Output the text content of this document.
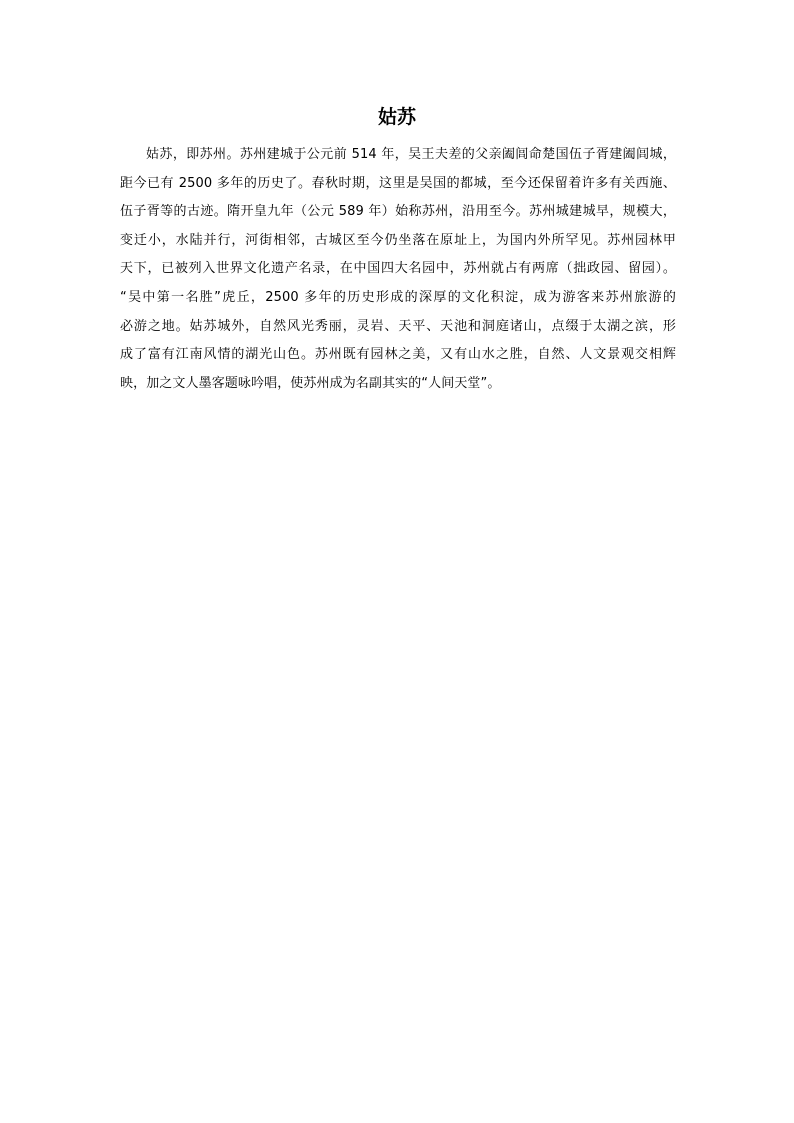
姑苏
姑苏，即苏州。苏州建城于公元前 514 年，吴王夫差的父亲阖闾命楚国伍子胥建阖闾城，
距今已有 2500 多年的历史了。春秋时期，这里是吴国的都城，至今还保留着许多有关西施、
伍子胥等的古迹。隋开皇九年（公元 589 年）始称苏州，沿用至今。苏州城建城早，规模大，
变迁小，水陆并行，河街相邻，古城区至今仍坐落在原址上，为国内外所罕见。苏州园林甲
天下，已被列入世界文化遗产名录，在中国四大名园中，苏州就占有两席（拙政园、留园）。
“吴中第一名胜”虎丘，2500 多年的历史形成的深厚的文化积淀，成为游客来苏州旅游的
必游之地。姑苏城外，自然风光秀丽，灵岩、天平、天池和洞庭诸山，点缀于太湖之滨，形
成了富有江南风情的湖光山色。苏州既有园林之美，又有山水之胜，自然、人文景观交相辉
映，加之文人墨客题咏吟唱，使苏州成为名副其实的“人间天堂”。
